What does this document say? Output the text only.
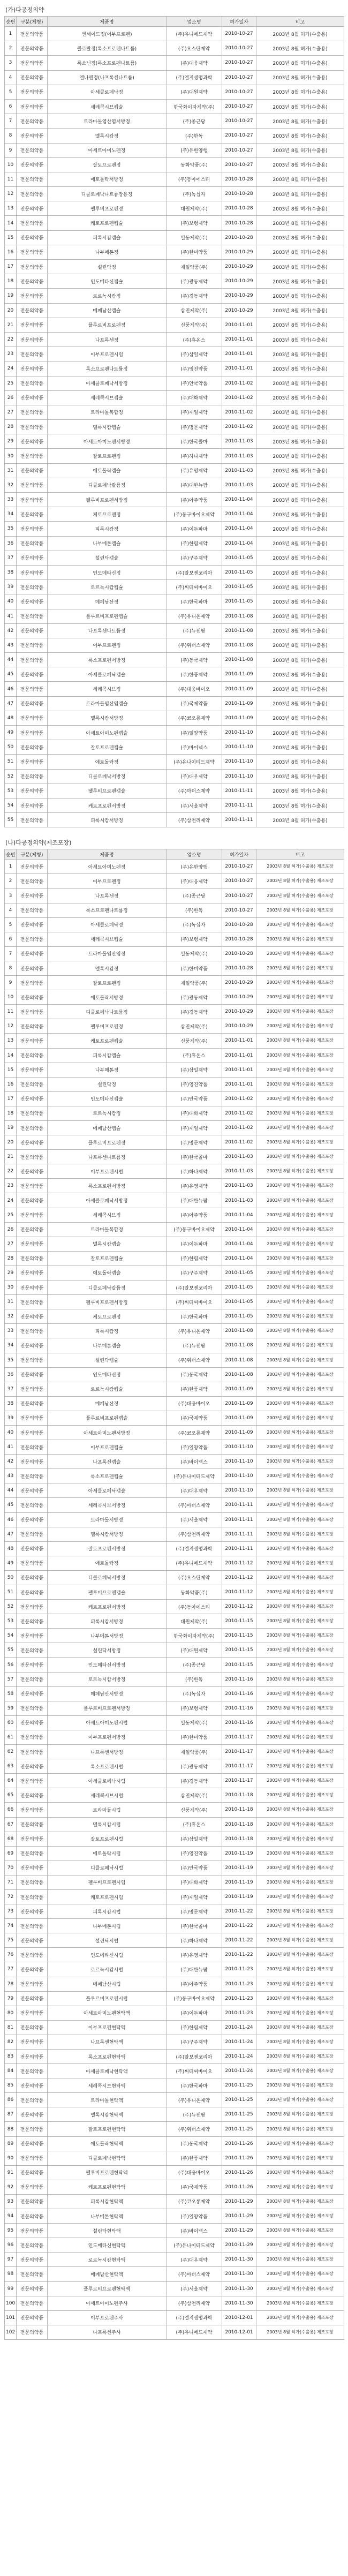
(가)다공정의약
순번	구분(제형)	제품명	업소명	허가일자	비고
1	전문의약품	엔세이드정(이부프로펜)	(주)유니메드제약	2010-10-27	2003년 8월 허가(수출용)
2	전문의약품	콜로랄정(록소프로펜나트륨)	(주)오스틴제약	2010-10-27	2003년 8월 허가(수출용)
3	전문의약품	록소닌정(록소프로펜나트륨)	(주)대웅제약	2010-10-27	2003년 8월 허가(수출용)
4	전문의약품	엘나펜정(나프록센나트륨)	(주)엘지생명과학	2010-10-27	2003년 8월 허가(수출용)
5	전문의약품	아세클로페낙정	(주)대원제약	2010-10-27	2003년 8월 허가(수출용)
6	전문의약품	세레콕시브캡슐	한국화이자제약(주)	2010-10-27	2003년 8월 허가(수출용)
7	전문의약품	트라마돌염산염서방정	(주)종근당	2010-10-27	2003년 8월 허가(수출용)
8	전문의약품	멜록시캄정	(주)한독	2010-10-27	2003년 8월 허가(수출용)
9	전문의약품	아세트아미노펜정	(주)유한양행	2010-10-27	2003년 8월 허가(수출용)
10	전문의약품	잘토프로펜정	동화약품(주)	2010-10-27	2003년 8월 허가(수출용)
11	전문의약품	에토돌락서방정	(주)동아에스티	2010-10-28	2003년 8월 허가(수출용)
12	전문의약품	디클로페낙나트륨장용정	(주)녹십자	2010-10-28	2003년 8월 허가(수출용)
13	전문의약품	펠루비프로펜정	대원제약(주)	2010-10-28	2003년 8월 허가(수출용)
14	전문의약품	케토프로펜캡슐	(주)보령제약	2010-10-28	2003년 8월 허가(수출용)
15	전문의약품	피록시캄캡슐	일동제약(주)	2010-10-28	2003년 8월 허가(수출용)
16	전문의약품	나부메톤정	(주)한미약품	2010-10-29	2003년 8월 허가(수출용)
17	전문의약품	설린닥정	제일약품(주)	2010-10-29	2003년 8월 허가(수출용)
18	전문의약품	인도메타신캡슐	(주)광동제약	2010-10-29	2003년 8월 허가(수출용)
19	전문의약품	로르녹시캄정	(주)경동제약	2010-10-29	2003년 8월 허가(수출용)
20	전문의약품	메페남산캡슐	삼진제약(주)	2010-10-29	2003년 8월 허가(수출용)
21	전문의약품	플루르비프로펜정	신풍제약(주)	2010-11-01	2003년 8월 허가(수출용)
22	전문의약품	나프록센정	(주)휴온스	2010-11-01	2003년 8월 허가(수출용)
23	전문의약품	이부프로펜시럽	(주)삼일제약	2010-11-01	2003년 8월 허가(수출용)
24	전문의약품	록소프로펜나트륨정	(주)영진약품	2010-11-01	2003년 8월 허가(수출용)
25	전문의약품	아세클로페낙서방정	(주)안국약품	2010-11-02	2003년 8월 허가(수출용)
26	전문의약품	세레콕시브캡슐	(주)대화제약	2010-11-02	2003년 8월 허가(수출용)
27	전문의약품	트라마돌복합정	(주)제일제약	2010-11-02	2003년 8월 허가(수출용)
28	전문의약품	멜록시캄캡슐	(주)명문제약	2010-11-02	2003년 8월 허가(수출용)
29	전문의약품	아세트아미노펜서방정	(주)한국콜마	2010-11-03	2003년 8월 허가(수출용)
30	전문의약품	잘토프로펜정	(주)하나제약	2010-11-03	2003년 8월 허가(수출용)
31	전문의약품	에토돌락캡슐	(주)유영제약	2010-11-03	2003년 8월 허가(수출용)
32	전문의약품	디클로페낙칼륨정	(주)대한뉴팜	2010-11-03	2003년 8월 허가(수출용)
33	전문의약품	펠루비프로펜서방정	(주)아주약품	2010-11-04	2003년 8월 허가(수출용)
34	전문의약품	케토프로펜정	(주)동구바이오제약	2010-11-04	2003년 8월 허가(수출용)
35	전문의약품	피록시캄정	(주)이든파마	2010-11-04	2003년 8월 허가(수출용)
36	전문의약품	나부메톤캡슐	(주)한림제약	2010-11-04	2003년 8월 허가(수출용)
37	전문의약품	설린닥캡슐	(주)구주제약	2010-11-05	2003년 8월 허가(수출용)
38	전문의약품	인도메타신정	(주)알보젠코리아	2010-11-05	2003년 8월 허가(수출용)
39	전문의약품	로르녹시캄캡슐	(주)씨티씨바이오	2010-11-05	2003년 8월 허가(수출용)
40	전문의약품	메페남산정	(주)한국파마	2010-11-05	2003년 8월 허가(수출용)
41	전문의약품	플루르비프로펜캡슐	(주)유니온제약	2010-11-08	2003년 8월 허가(수출용)
42	전문의약품	나프록센나트륨정	(주)뉴젠팜	2010-11-08	2003년 8월 허가(수출용)
43	전문의약품	이부프로펜정	(주)위더스제약	2010-11-08	2003년 8월 허가(수출용)
44	전문의약품	록소프로펜서방정	(주)동국제약	2010-11-08	2003년 8월 허가(수출용)
45	전문의약품	아세클로페낙캡슐	(주)한풍제약	2010-11-09	2003년 8월 허가(수출용)
46	전문의약품	세레콕시브정	(주)대웅바이오	2010-11-09	2003년 8월 허가(수출용)
47	전문의약품	트라마돌염산염캡슐	(주)국제약품	2010-11-09	2003년 8월 허가(수출용)
48	전문의약품	멜록시캄서방정	(주)코오롱제약	2010-11-09	2003년 8월 허가(수출용)
49	전문의약품	아세트아미노펜캡슐	(주)일양약품	2010-11-10	2003년 8월 허가(수출용)
50	전문의약품	잘토프로펜캡슐	(주)바이넥스	2010-11-10	2003년 8월 허가(수출용)
51	전문의약품	에토돌락정	(주)유나이티드제약	2010-11-10	2003년 8월 허가(수출용)
52	전문의약품	디클로페낙서방정	(주)대우제약	2010-11-10	2003년 8월 허가(수출용)
53	전문의약품	펠루비프로펜캡슐	(주)마더스제약	2010-11-11	2003년 8월 허가(수출용)
54	전문의약품	케토프로펜서방정	(주)서울제약	2010-11-11	2003년 8월 허가(수출용)
55	전문의약품	피록시캄서방정	(주)삼천리제약	2010-11-11	2003년 8월 허가(수출용)
(나)다공정의약(제조포장)
순번	구분(제형)	제품명	업소명	허가일자	비고
1	전문의약품	아세트아미노펜정	(주)유한양행	2010-10-27	2003년 8월 허가(수출용) 제조포장
2	전문의약품	이부프로펜정	(주)대웅제약	2010-10-27	2003년 8월 허가(수출용) 제조포장
3	전문의약품	나프록센정	(주)종근당	2010-10-27	2003년 8월 허가(수출용) 제조포장
4	전문의약품	록소프로펜나트륨정	(주)한독	2010-10-27	2003년 8월 허가(수출용) 제조포장
5	전문의약품	아세클로페낙정	(주)녹십자	2010-10-28	2003년 8월 허가(수출용) 제조포장
6	전문의약품	세레콕시브캡슐	(주)보령제약	2010-10-28	2003년 8월 허가(수출용) 제조포장
7	전문의약품	트라마돌염산염정	일동제약(주)	2010-10-28	2003년 8월 허가(수출용) 제조포장
8	전문의약품	멜록시캄정	(주)한미약품	2010-10-28	2003년 8월 허가(수출용) 제조포장
9	전문의약품	잘토프로펜정	제일약품(주)	2010-10-29	2003년 8월 허가(수출용) 제조포장
10	전문의약품	에토돌락서방정	(주)광동제약	2010-10-29	2003년 8월 허가(수출용) 제조포장
11	전문의약품	디클로페낙나트륨정	(주)경동제약	2010-10-29	2003년 8월 허가(수출용) 제조포장
12	전문의약품	펠루비프로펜정	삼진제약(주)	2010-10-29	2003년 8월 허가(수출용) 제조포장
13	전문의약품	케토프로펜캡슐	신풍제약(주)	2010-11-01	2003년 8월 허가(수출용) 제조포장
14	전문의약품	피록시캄캡슐	(주)휴온스	2010-11-01	2003년 8월 허가(수출용) 제조포장
15	전문의약품	나부메톤정	(주)삼일제약	2010-11-01	2003년 8월 허가(수출용) 제조포장
16	전문의약품	설린닥정	(주)영진약품	2010-11-01	2003년 8월 허가(수출용) 제조포장
17	전문의약품	인도메타신캡슐	(주)안국약품	2010-11-02	2003년 8월 허가(수출용) 제조포장
18	전문의약품	로르녹시캄정	(주)대화제약	2010-11-02	2003년 8월 허가(수출용) 제조포장
19	전문의약품	메페남산캡슐	(주)제일제약	2010-11-02	2003년 8월 허가(수출용) 제조포장
20	전문의약품	플루르비프로펜정	(주)명문제약	2010-11-02	2003년 8월 허가(수출용) 제조포장
21	전문의약품	나프록센나트륨정	(주)한국콜마	2010-11-03	2003년 8월 허가(수출용) 제조포장
22	전문의약품	이부프로펜시럽	(주)하나제약	2010-11-03	2003년 8월 허가(수출용) 제조포장
23	전문의약품	록소프로펜서방정	(주)유영제약	2010-11-03	2003년 8월 허가(수출용) 제조포장
24	전문의약품	아세클로페낙서방정	(주)대한뉴팜	2010-11-03	2003년 8월 허가(수출용) 제조포장
25	전문의약품	세레콕시브정	(주)아주약품	2010-11-04	2003년 8월 허가(수출용) 제조포장
26	전문의약품	트라마돌복합정	(주)동구바이오제약	2010-11-04	2003년 8월 허가(수출용) 제조포장
27	전문의약품	멜록시캄캡슐	(주)이든파마	2010-11-04	2003년 8월 허가(수출용) 제조포장
28	전문의약품	잘토프로펜캡슐	(주)한림제약	2010-11-04	2003년 8월 허가(수출용) 제조포장
29	전문의약품	에토돌락캡슐	(주)구주제약	2010-11-05	2003년 8월 허가(수출용) 제조포장
30	전문의약품	디클로페낙칼륨정	(주)알보젠코리아	2010-11-05	2003년 8월 허가(수출용) 제조포장
31	전문의약품	펠루비프로펜서방정	(주)씨티씨바이오	2010-11-05	2003년 8월 허가(수출용) 제조포장
32	전문의약품	케토프로펜정	(주)한국파마	2010-11-05	2003년 8월 허가(수출용) 제조포장
33	전문의약품	피록시캄정	(주)유니온제약	2010-11-08	2003년 8월 허가(수출용) 제조포장
34	전문의약품	나부메톤캡슐	(주)뉴젠팜	2010-11-08	2003년 8월 허가(수출용) 제조포장
35	전문의약품	설린닥캡슐	(주)위더스제약	2010-11-08	2003년 8월 허가(수출용) 제조포장
36	전문의약품	인도메타신정	(주)동국제약	2010-11-08	2003년 8월 허가(수출용) 제조포장
37	전문의약품	로르녹시캄캡슐	(주)한풍제약	2010-11-09	2003년 8월 허가(수출용) 제조포장
38	전문의약품	메페남산정	(주)대웅바이오	2010-11-09	2003년 8월 허가(수출용) 제조포장
39	전문의약품	플루르비프로펜캡슐	(주)국제약품	2010-11-09	2003년 8월 허가(수출용) 제조포장
40	전문의약품	아세트아미노펜서방정	(주)코오롱제약	2010-11-09	2003년 8월 허가(수출용) 제조포장
41	전문의약품	이부프로펜캡슐	(주)일양약품	2010-11-10	2003년 8월 허가(수출용) 제조포장
42	전문의약품	나프록센캡슐	(주)바이넥스	2010-11-10	2003년 8월 허가(수출용) 제조포장
43	전문의약품	록소프로펜캡슐	(주)유나이티드제약	2010-11-10	2003년 8월 허가(수출용) 제조포장
44	전문의약품	아세클로페낙캡슐	(주)대우제약	2010-11-10	2003년 8월 허가(수출용) 제조포장
45	전문의약품	세레콕시브서방정	(주)마더스제약	2010-11-11	2003년 8월 허가(수출용) 제조포장
46	전문의약품	트라마돌서방정	(주)서울제약	2010-11-11	2003년 8월 허가(수출용) 제조포장
47	전문의약품	멜록시캄서방정	(주)삼천리제약	2010-11-11	2003년 8월 허가(수출용) 제조포장
48	전문의약품	잘토프로펜서방정	(주)엘지생명과학	2010-11-11	2003년 8월 허가(수출용) 제조포장
49	전문의약품	에토돌락정	(주)유니메드제약	2010-11-12	2003년 8월 허가(수출용) 제조포장
50	전문의약품	디클로페낙서방정	(주)오스틴제약	2010-11-12	2003년 8월 허가(수출용) 제조포장
51	전문의약품	펠루비프로펜캡슐	동화약품(주)	2010-11-12	2003년 8월 허가(수출용) 제조포장
52	전문의약품	케토프로펜서방정	(주)동아에스티	2010-11-12	2003년 8월 허가(수출용) 제조포장
53	전문의약품	피록시캄서방정	대원제약(주)	2010-11-15	2003년 8월 허가(수출용) 제조포장
54	전문의약품	나부메톤서방정	한국화이자제약(주)	2010-11-15	2003년 8월 허가(수출용) 제조포장
55	전문의약품	설린닥서방정	(주)대원제약	2010-11-15	2003년 8월 허가(수출용) 제조포장
56	전문의약품	인도메타신서방정	(주)종근당	2010-11-15	2003년 8월 허가(수출용) 제조포장
57	전문의약품	로르녹시캄서방정	(주)한독	2010-11-16	2003년 8월 허가(수출용) 제조포장
58	전문의약품	메페남산서방정	(주)녹십자	2010-11-16	2003년 8월 허가(수출용) 제조포장
59	전문의약품	플루르비프로펜서방정	(주)보령제약	2010-11-16	2003년 8월 허가(수출용) 제조포장
60	전문의약품	아세트아미노펜시럽	일동제약(주)	2010-11-16	2003년 8월 허가(수출용) 제조포장
61	전문의약품	이부프로펜서방정	(주)한미약품	2010-11-17	2003년 8월 허가(수출용) 제조포장
62	전문의약품	나프록센서방정	제일약품(주)	2010-11-17	2003년 8월 허가(수출용) 제조포장
63	전문의약품	록소프로펜시럽	(주)광동제약	2010-11-17	2003년 8월 허가(수출용) 제조포장
64	전문의약품	아세클로페낙시럽	(주)경동제약	2010-11-17	2003년 8월 허가(수출용) 제조포장
65	전문의약품	세레콕시브시럽	삼진제약(주)	2010-11-18	2003년 8월 허가(수출용) 제조포장
66	전문의약품	트라마돌시럽	신풍제약(주)	2010-11-18	2003년 8월 허가(수출용) 제조포장
67	전문의약품	멜록시캄시럽	(주)휴온스	2010-11-18	2003년 8월 허가(수출용) 제조포장
68	전문의약품	잘토프로펜시럽	(주)삼일제약	2010-11-18	2003년 8월 허가(수출용) 제조포장
69	전문의약품	에토돌락시럽	(주)영진약품	2010-11-19	2003년 8월 허가(수출용) 제조포장
70	전문의약품	디클로페낙시럽	(주)안국약품	2010-11-19	2003년 8월 허가(수출용) 제조포장
71	전문의약품	펠루비프로펜시럽	(주)대화제약	2010-11-19	2003년 8월 허가(수출용) 제조포장
72	전문의약품	케토프로펜시럽	(주)제일제약	2010-11-19	2003년 8월 허가(수출용) 제조포장
73	전문의약품	피록시캄시럽	(주)명문제약	2010-11-22	2003년 8월 허가(수출용) 제조포장
74	전문의약품	나부메톤시럽	(주)한국콜마	2010-11-22	2003년 8월 허가(수출용) 제조포장
75	전문의약품	설린닥시럽	(주)하나제약	2010-11-22	2003년 8월 허가(수출용) 제조포장
76	전문의약품	인도메타신시럽	(주)유영제약	2010-11-22	2003년 8월 허가(수출용) 제조포장
77	전문의약품	로르녹시캄시럽	(주)대한뉴팜	2010-11-23	2003년 8월 허가(수출용) 제조포장
78	전문의약품	메페남산시럽	(주)아주약품	2010-11-23	2003년 8월 허가(수출용) 제조포장
79	전문의약품	플루르비프로펜시럽	(주)동구바이오제약	2010-11-23	2003년 8월 허가(수출용) 제조포장
80	전문의약품	아세트아미노펜현탁액	(주)이든파마	2010-11-23	2003년 8월 허가(수출용) 제조포장
81	전문의약품	이부프로펜현탁액	(주)한림제약	2010-11-24	2003년 8월 허가(수출용) 제조포장
82	전문의약품	나프록센현탁액	(주)구주제약	2010-11-24	2003년 8월 허가(수출용) 제조포장
83	전문의약품	록소프로펜현탁액	(주)알보젠코리아	2010-11-24	2003년 8월 허가(수출용) 제조포장
84	전문의약품	아세클로페낙현탁액	(주)씨티씨바이오	2010-11-24	2003년 8월 허가(수출용) 제조포장
85	전문의약품	세레콕시브현탁액	(주)한국파마	2010-11-25	2003년 8월 허가(수출용) 제조포장
86	전문의약품	트라마돌현탁액	(주)유니온제약	2010-11-25	2003년 8월 허가(수출용) 제조포장
87	전문의약품	멜록시캄현탁액	(주)뉴젠팜	2010-11-25	2003년 8월 허가(수출용) 제조포장
88	전문의약품	잘토프로펜현탁액	(주)위더스제약	2010-11-25	2003년 8월 허가(수출용) 제조포장
89	전문의약품	에토돌락현탁액	(주)동국제약	2010-11-26	2003년 8월 허가(수출용) 제조포장
90	전문의약품	디클로페낙현탁액	(주)한풍제약	2010-11-26	2003년 8월 허가(수출용) 제조포장
91	전문의약품	펠루비프로펜현탁액	(주)대웅바이오	2010-11-26	2003년 8월 허가(수출용) 제조포장
92	전문의약품	케토프로펜현탁액	(주)국제약품	2010-11-26	2003년 8월 허가(수출용) 제조포장
93	전문의약품	피록시캄현탁액	(주)코오롱제약	2010-11-29	2003년 8월 허가(수출용) 제조포장
94	전문의약품	나부메톤현탁액	(주)일양약품	2010-11-29	2003년 8월 허가(수출용) 제조포장
95	전문의약품	설린닥현탁액	(주)바이넥스	2010-11-29	2003년 8월 허가(수출용) 제조포장
96	전문의약품	인도메타신현탁액	(주)유나이티드제약	2010-11-29	2003년 8월 허가(수출용) 제조포장
97	전문의약품	로르녹시캄현탁액	(주)대우제약	2010-11-30	2003년 8월 허가(수출용) 제조포장
98	전문의약품	메페남산현탁액	(주)마더스제약	2010-11-30	2003년 8월 허가(수출용) 제조포장
99	전문의약품	플루르비프로펜현탁액	(주)서울제약	2010-11-30	2003년 8월 허가(수출용) 제조포장
100	전문의약품	아세트아미노펜주사	(주)삼천리제약	2010-11-30	2003년 8월 허가(수출용) 제조포장
101	전문의약품	이부프로펜주사	(주)엘지생명과학	2010-12-01	2003년 8월 허가(수출용) 제조포장
102	전문의약품	나프록센주사	(주)유니메드제약	2010-12-01	2003년 8월 허가(수출용) 제조포장
